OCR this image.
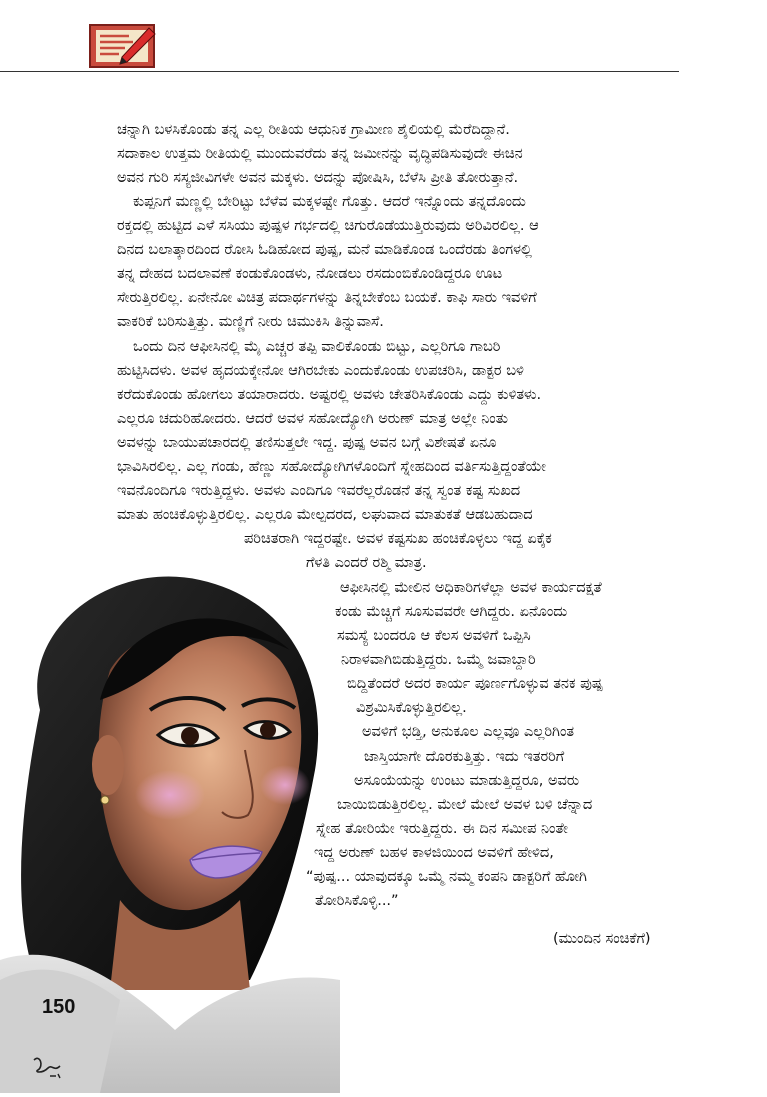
ಚನ್ನಾಗಿ ಬಳಸಿಕೊಂಡು ತನ್ನ ಎಲ್ಲ ರೀತಿಯ ಆಧುನಿಕ ಗ್ರಾಮೀಣ ಶೈಲಿಯಲ್ಲಿ ಮೆರೆದಿದ್ದಾನೆ.
ಸದಾಕಾಲ ಉತ್ತಮ ರೀತಿಯಲ್ಲಿ ಮುಂದುವರೆದು ತನ್ನ ಜಮೀನನ್ನು ವೃದ್ಧಿಪಡಿಸುವುದೇ ಈಚಿನ
ಅವನ ಗುರಿ ಸಸ್ಯಜೀವಿಗಳೇ ಅವನ ಮಕ್ಕಳು. ಅದನ್ನು ಪೋಷಿಸಿ, ಬೆಳೆಸಿ ಪ್ರೀತಿ ತೋರುತ್ತಾನೆ.
ಕುಪ್ಪನಿಗೆ ಮಣ್ಣಲ್ಲಿ ಬೇರಿಟ್ಟು ಬೆಳೆವ ಮಕ್ಕಳಷ್ಟೇ ಗೊತ್ತು. ಆದರೆ ಇನ್ನೊಂದು ತನ್ನದೊಂದು
ರಕ್ತದಲ್ಲಿ ಹುಟ್ಟಿದ ಎಳೆ ಸಸಿಯು ಪುಷ್ಪಳ ಗರ್ಭದಲ್ಲಿ ಚಿಗುರೊಡೆಯುತ್ತಿರುವುದು ಅರಿವಿರಲಿಲ್ಲ. ಆ
ದಿನದ ಬಲಾತ್ಕಾರದಿಂದ ರೋಸಿ ಓಡಿಹೋದ ಪುಷ್ಪ, ಮನೆ ಮಾಡಿಕೊಂಡ ಒಂದೆರಡು ತಿಂಗಳಲ್ಲಿ
ತನ್ನ ದೇಹದ ಬದಲಾವಣೆ ಕಂಡುಕೊಂಡಳು, ನೋಡಲು ರಸದುಂಬಿಕೊಂಡಿದ್ದರೂ ಊಟ
ಸೇರುತ್ತಿರಲಿಲ್ಲ. ಏನೇನೋ ವಿಚಿತ್ರ ಪದಾರ್ಥಗಳನ್ನು ತಿನ್ನಬೇಕೆಂಬ ಬಯಕೆ. ಕಾಫಿ ಸಾರು ಇವಳಿಗೆ
ವಾಕರಿಕೆ ಬರಿಸುತ್ತಿತ್ತು. ಮಣ್ಣಿಗೆ ನೀರು ಚಿಮುಕಿಸಿ ತಿನ್ನುವಾಸೆ.
ಒಂದು ದಿನ ಆಫೀಸಿನಲ್ಲಿ ಮೈ ಎಚ್ಚರ ತಪ್ಪಿ ವಾಲಿಕೊಂಡು ಬಿಟ್ಟು, ಎಲ್ಲರಿಗೂ ಗಾಬರಿ
ಹುಟ್ಟಿಸಿದಳು. ಅವಳ ಹೃದಯಕ್ಕೇನೋ ಆಗಿರಬೇಕು ಎಂದುಕೊಂಡು ಉಪಚರಿಸಿ, ಡಾಕ್ಟರ ಬಳಿ
ಕರೆದುಕೊಂಡು ಹೋಗಲು ತಯಾರಾದರು. ಅಷ್ಟರಲ್ಲಿ ಅವಳು ಚೇತರಿಸಿಕೊಂಡು ಎದ್ದು ಕುಳಿತಳು.
ಎಲ್ಲರೂ ಚದುರಿಹೋದರು. ಆದರೆ ಅವಳ ಸಹೋದ್ಯೋಗಿ ಅರುಣ್ ಮಾತ್ರ ಅಲ್ಲೇ ನಿಂತು
ಅವಳನ್ನು ಬಾಯುಪಚಾರದಲ್ಲಿ ತಣಿಸುತ್ತಲೇ ಇದ್ದ. ಪುಷ್ಪ ಅವನ ಬಗ್ಗೆ ವಿಶೇಷತೆ ಏನೂ
ಭಾವಿಸಿರಲಿಲ್ಲ. ಎಲ್ಲ ಗಂಡು, ಹೆಣ್ಣು ಸಹೋದ್ಯೋಗಿಗಳೊಂದಿಗೆ ಸ್ನೇಹದಿಂದ ವರ್ತಿಸುತ್ತಿದ್ದಂತೆಯೇ
ಇವನೊಂದಿಗೂ ಇರುತ್ತಿದ್ದಳು. ಅವಳು ಎಂದಿಗೂ ಇವರೆಲ್ಲರೊಡನೆ ತನ್ನ ಸ್ವಂತ ಕಷ್ಟ ಸುಖದ
ಮಾತು ಹಂಚಿಕೊಳ್ಳುತ್ತಿರಲಿಲ್ಲ. ಎಲ್ಲರೂ ಮೇಲ್ಪದರದ, ಲಘುವಾದ ಮಾತುಕತೆ ಆಡಬಹುದಾದ
ಪರಿಚಿತರಾಗಿ ಇದ್ದರಷ್ಟೇ. ಅವಳ ಕಷ್ಟಸುಖ ಹಂಚಿಕೊಳ್ಳಲು ಇದ್ದ ಏಕೈಕ
ಗೆಳತಿ ಎಂದರೆ ರಶ್ಮಿ ಮಾತ್ರ.
ಆಫೀಸಿನಲ್ಲಿ ಮೇಲಿನ ಅಧಿಕಾರಿಗಳೆಲ್ಲಾ ಅವಳ ಕಾರ್ಯದಕ್ಷತೆ
ಕಂಡು ಮೆಚ್ಚಿಗೆ ಸೂಸುವವರೇ ಆಗಿದ್ದರು. ಏನೊಂದು
ಸಮಸ್ಯೆ ಬಂದರೂ ಆ ಕೆಲಸ ಅವಳಿಗೆ ಒಪ್ಪಿಸಿ
ನಿರಾಳವಾಗಿಬಿಡುತ್ತಿದ್ದರು. ಒಮ್ಮೆ ಜವಾಬ್ದಾರಿ
ಬಿದ್ದಿತೆಂದರೆ ಅದರ ಕಾರ್ಯ ಪೂರ್ಣಗೊಳ್ಳುವ ತನಕ ಪುಷ್ಪ
ವಿಶ್ರಮಿಸಿಕೊಳ್ಳುತ್ತಿರಲಿಲ್ಲ.
ಅವಳಿಗೆ ಭಡ್ತಿ, ಅನುಕೂಲ ಎಲ್ಲವೂ ಎಲ್ಲರಿಗಿಂತ
ಜಾಸ್ತಿಯಾಗೇ ದೊರಕುತ್ತಿತ್ತು. ಇದು ಇತರರಿಗೆ
ಅಸೂಯೆಯನ್ನು ಉಂಟು ಮಾಡುತ್ತಿದ್ದರೂ, ಅವರು
ಬಾಯಿಬಿಡುತ್ತಿರಲಿಲ್ಲ. ಮೇಲೆ ಮೇಲೆ ಅವಳ ಬಳಿ ಚೆನ್ನಾದ
ಸ್ನೇಹ ತೋರಿಯೇ ಇರುತ್ತಿದ್ದರು. ಈ ದಿನ ಸಮೀಪ ನಿಂತೇ
ಇದ್ದ ಅರುಣ್ ಬಹಳ ಕಾಳಜಿಯಿಂದ ಅವಳಿಗೆ ಹೇಳಿದ,
“ಪುಷ್ಪ... ಯಾವುದಕ್ಕೂ ಒಮ್ಮೆ ನಮ್ಮ ಕಂಪನಿ ಡಾಕ್ಟರಿಗೆ ಹೋಗಿ
ತೋರಿಸಿಕೊಳ್ಳಿ...”
(ಮುಂದಿನ ಸಂಚಿಕೆಗೆ)
150
